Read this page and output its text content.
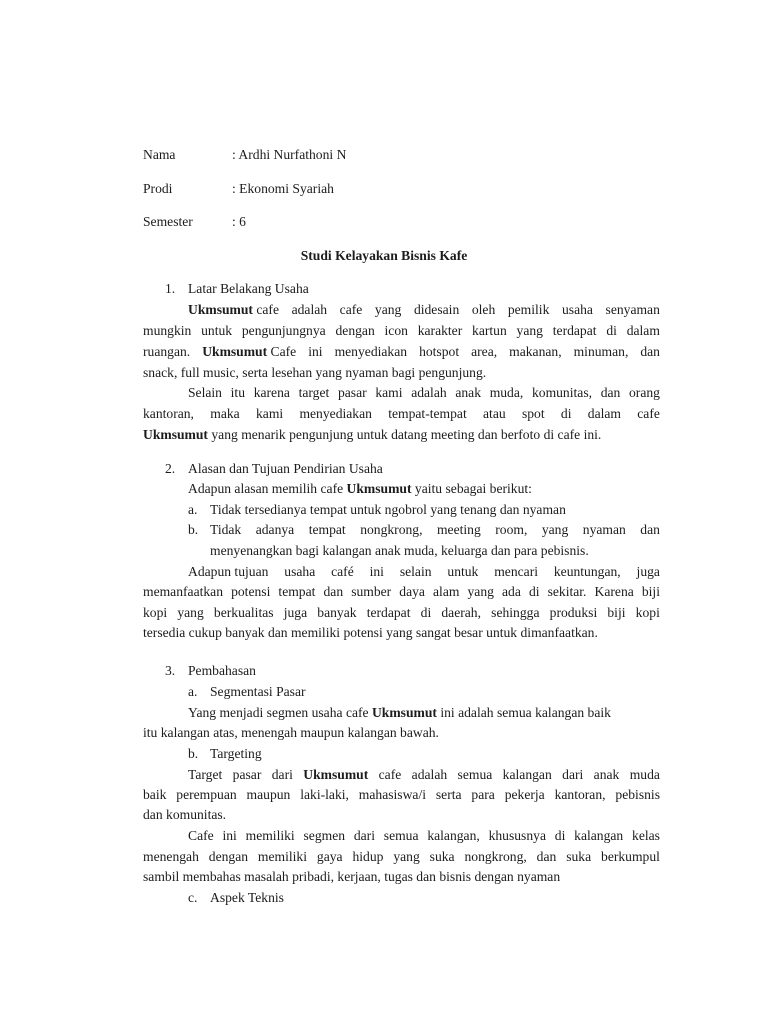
Nama	: Ardhi Nurfathoni N
Prodi	: Ekonomi Syariah
Semester	: 6
Studi Kelayakan Bisnis Kafe
1. Latar Belakang Usaha
Ukmsumut cafe adalah cafe yang didesain oleh pemilik usaha senyaman
mungkin untuk pengunjungnya dengan icon karakter kartun yang terdapat di dalam
ruangan. Ukmsumut Cafe ini menyediakan hotspot area, makanan, minuman, dan
snack, full music, serta lesehan yang nyaman bagi pengunjung.
Selain itu karena target pasar kami adalah anak muda, komunitas, dan orang
kantoran, maka kami menyediakan tempat-tempat atau spot di dalam cafe
Ukmsumut yang menarik pengunjung untuk datang meeting dan berfoto di cafe ini.
2. Alasan dan Tujuan Pendirian Usaha
Adapun alasan memilih cafe Ukmsumut yaitu sebagai berikut:
a. Tidak tersedianya tempat untuk ngobrol yang tenang dan nyaman
b. Tidak adanya tempat nongkrong, meeting room, yang nyaman dan
menyenangkan bagi kalangan anak muda, keluarga dan para pebisnis.
Adapun tujuan usaha café ini selain untuk mencari keuntungan, juga
memanfaatkan potensi tempat dan sumber daya alam yang ada di sekitar. Karena biji
kopi yang berkualitas juga banyak terdapat di daerah, sehingga produksi biji kopi
tersedia cukup banyak dan memiliki potensi yang sangat besar untuk dimanfaatkan.
3. Pembahasan
a. Segmentasi Pasar
Yang menjadi segmen usaha cafe Ukmsumut ini adalah semua kalangan baik
itu kalangan atas, menengah maupun kalangan bawah.
b. Targeting
Target pasar dari Ukmsumut cafe adalah semua kalangan dari anak muda
baik perempuan maupun laki-laki, mahasiswa/i serta para pekerja kantoran, pebisnis
dan komunitas.
Cafe ini memiliki segmen dari semua kalangan, khususnya di kalangan kelas
menengah dengan memiliki gaya hidup yang suka nongkrong, dan suka berkumpul
sambil membahas masalah pribadi, kerjaan, tugas dan bisnis dengan nyaman
c. Aspek Teknis
